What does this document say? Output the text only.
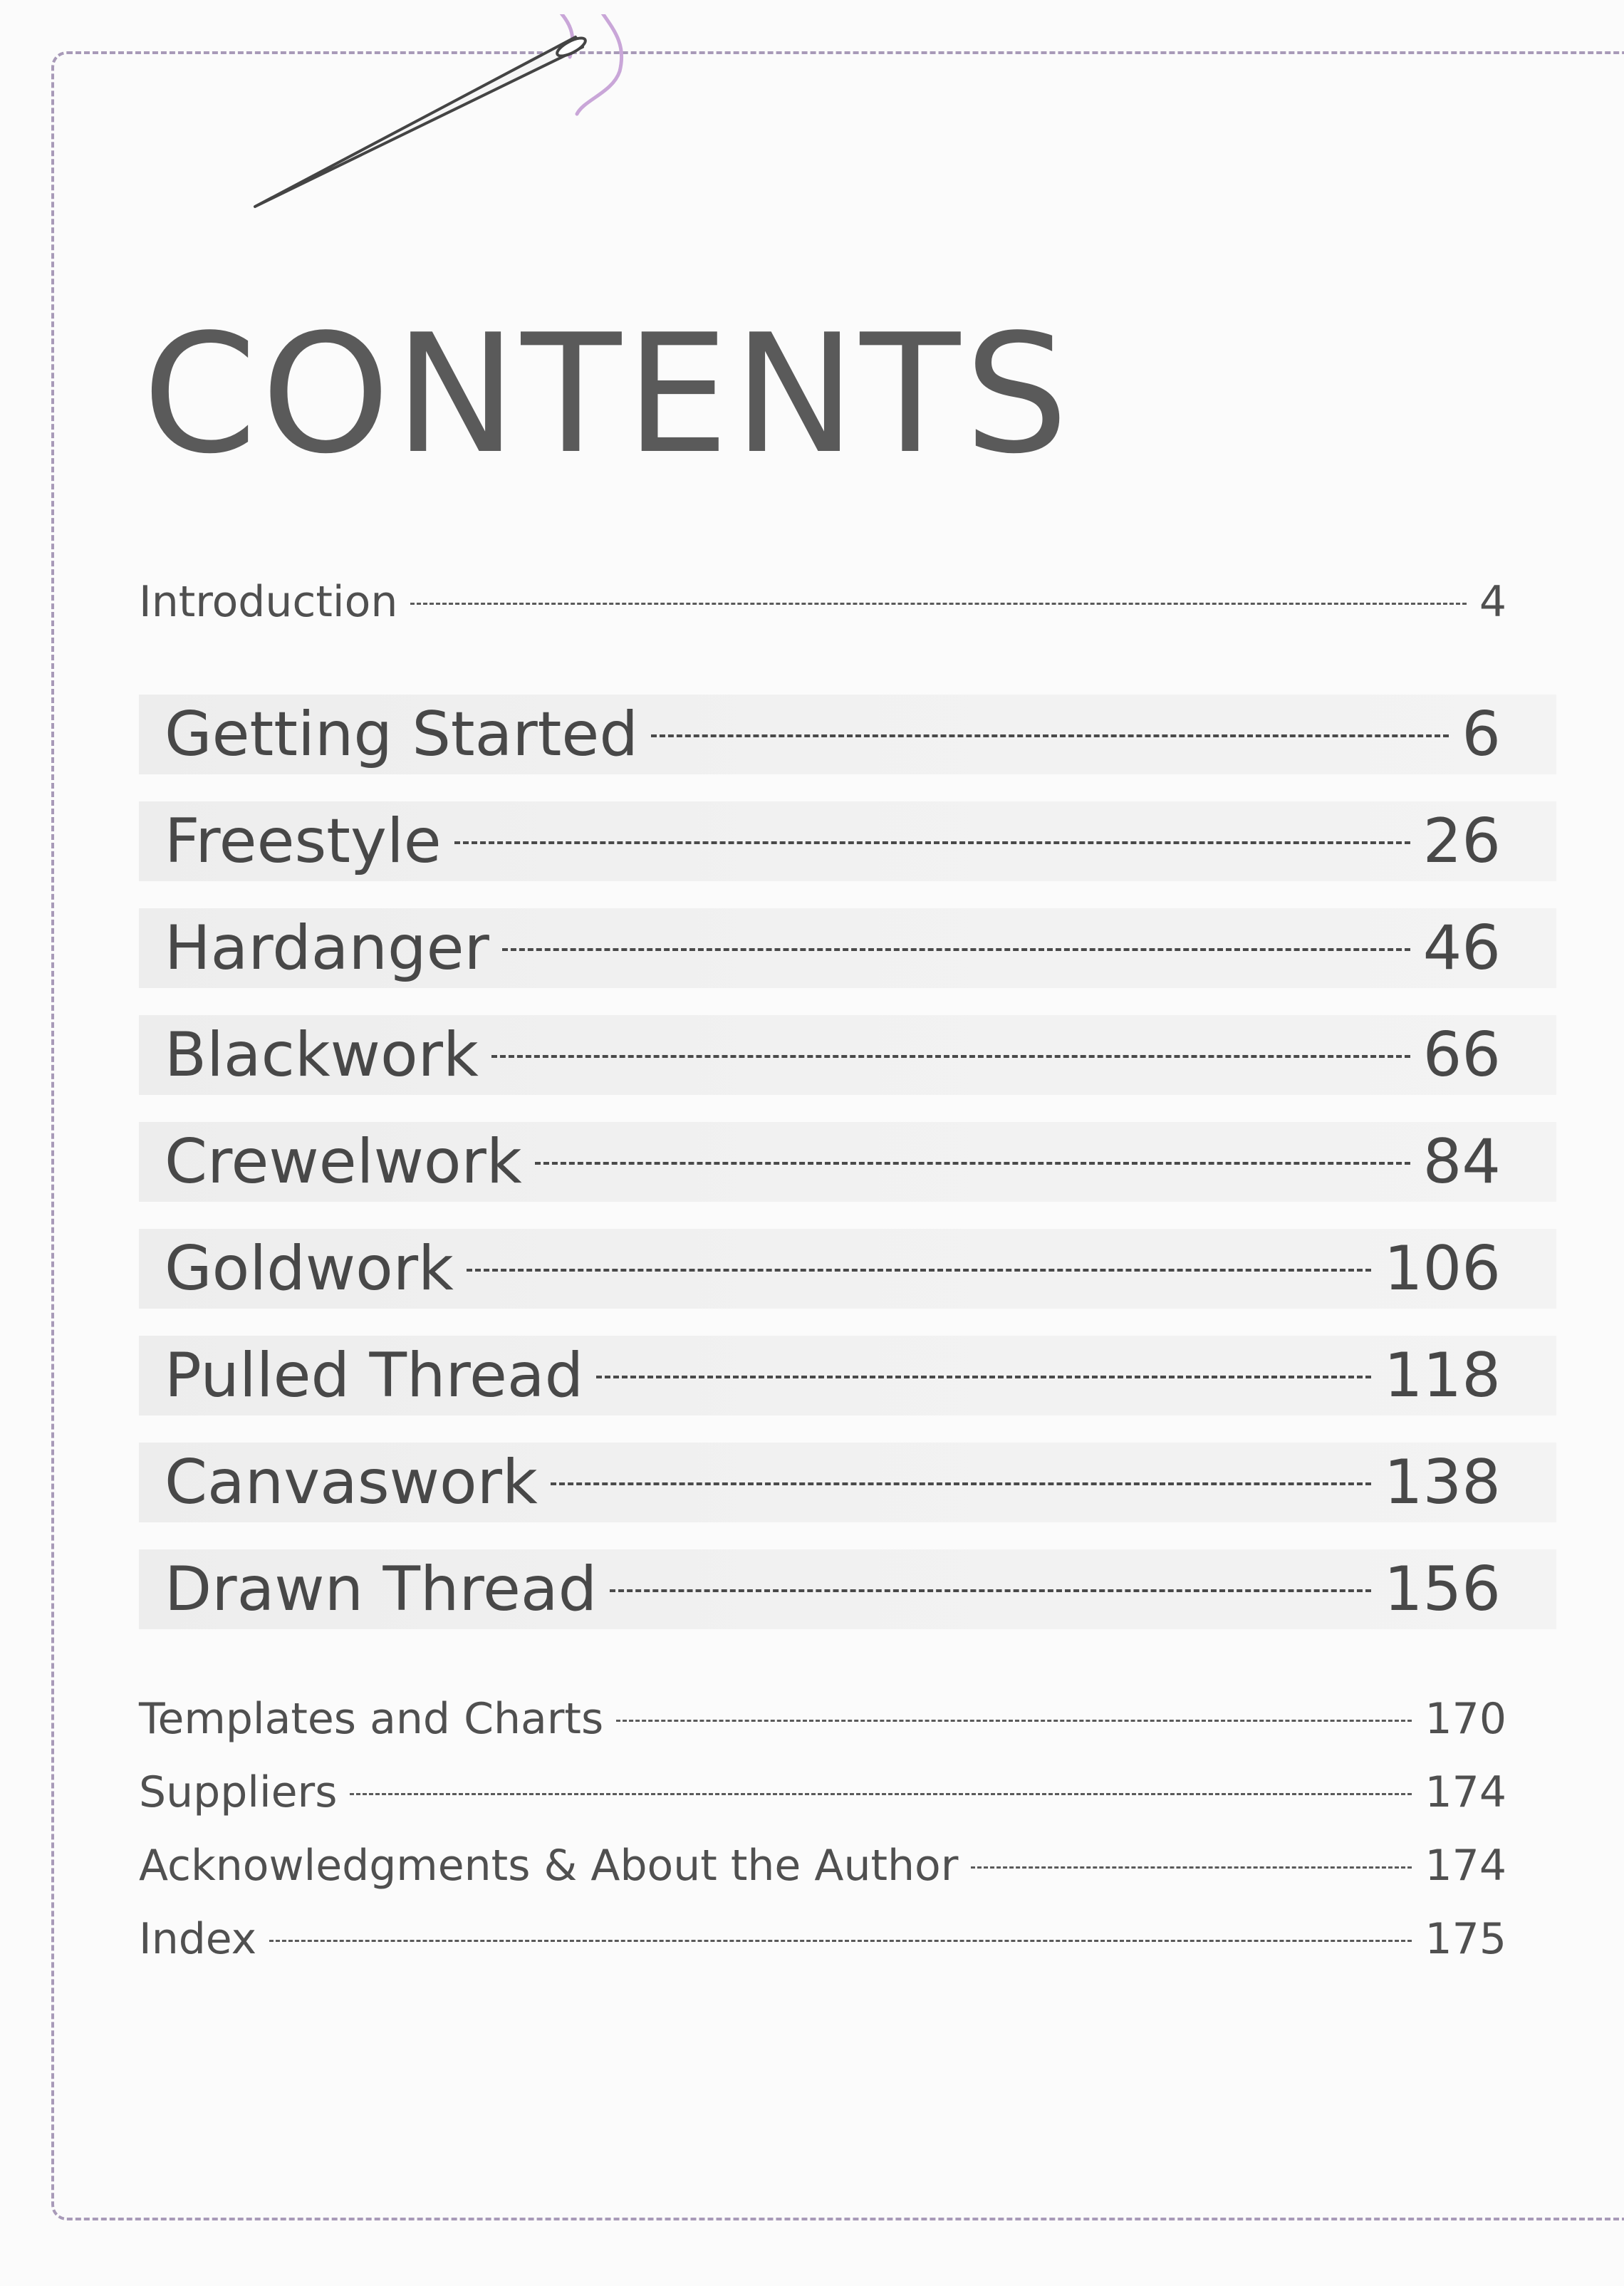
CONTENTS
Introduction	4
Getting Started	6
Freestyle	26
Hardanger	46
Blackwork	66
Crewelwork	84
Goldwork	106
Pulled Thread	118
Canvaswork	138
Drawn Thread	156
Templates and Charts	170
Suppliers	174
Acknowledgments & About the Author	174
Index	175
